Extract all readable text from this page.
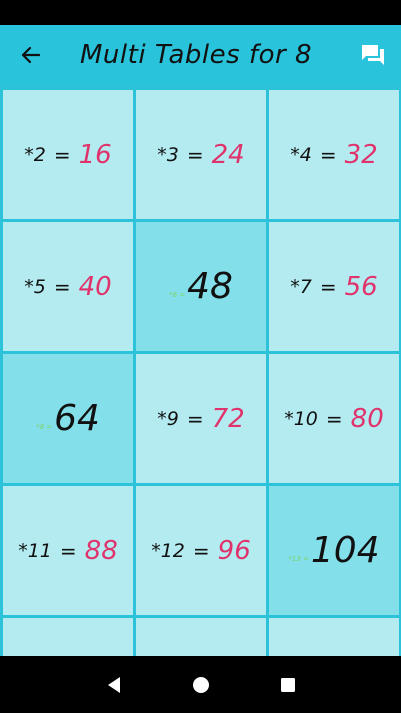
Multi Tables for 8
*2 = 16 *3 = 24 *4 = 32
*5 = 40	*6 = 48	*7 = 56
*8 = 64	*9 = 72 *10 = 80
*11 = 88 *12 = 96	*13 = 104
